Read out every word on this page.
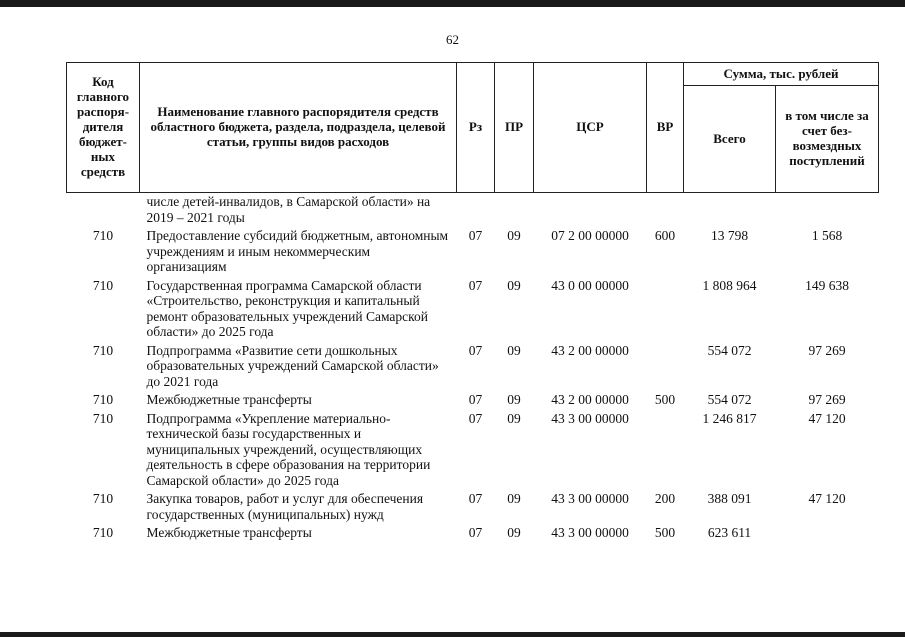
62
Код главного распоря-дителя бюджет-ных средств	Наименование главного распорядителя средств областного бюджета, раздела, подраздела, целевой статьи, группы видов расходов	Рз	ПР	ЦСР	ВР	Сумма, тыс. рублей	
						Всего	в том числе за счет без-возмездных поступлений
	числе детей-инвалидов, в Самарской области» на 2019 – 2021 годы						
710	Предоставление субсидий бюджетным, автономным учреждениям и иным некоммерческим организациям	07	09	07 2 00 00000	600	13 798	1 568
710	Государственная программа Самарской области «Строительство, реконструкция и капитальный ремонт образовательных учреждений Самарской области» до 2025 года	07	09	43 0 00 00000		1 808 964	149 638
710	Подпрограмма «Развитие сети дошкольных образовательных учреждений Самарской области» до 2021 года	07	09	43 2 00 00000		554 072	97 269
710	Межбюджетные трансферты	07	09	43 2 00 00000	500	554 072	97 269
710	Подпрограмма «Укрепление материально-технической базы государственных и муниципальных учреждений, осуществляющих деятельность в сфере образования на территории Самарской области» до 2025 года	07	09	43 3 00 00000		1 246 817	47 120
710	Закупка товаров, работ и услуг для обеспечения государственных (муниципальных) нужд	07	09	43 3 00 00000	200	388 091	47 120
710	Межбюджетные трансферты	07	09	43 3 00 00000	500	623 611	
